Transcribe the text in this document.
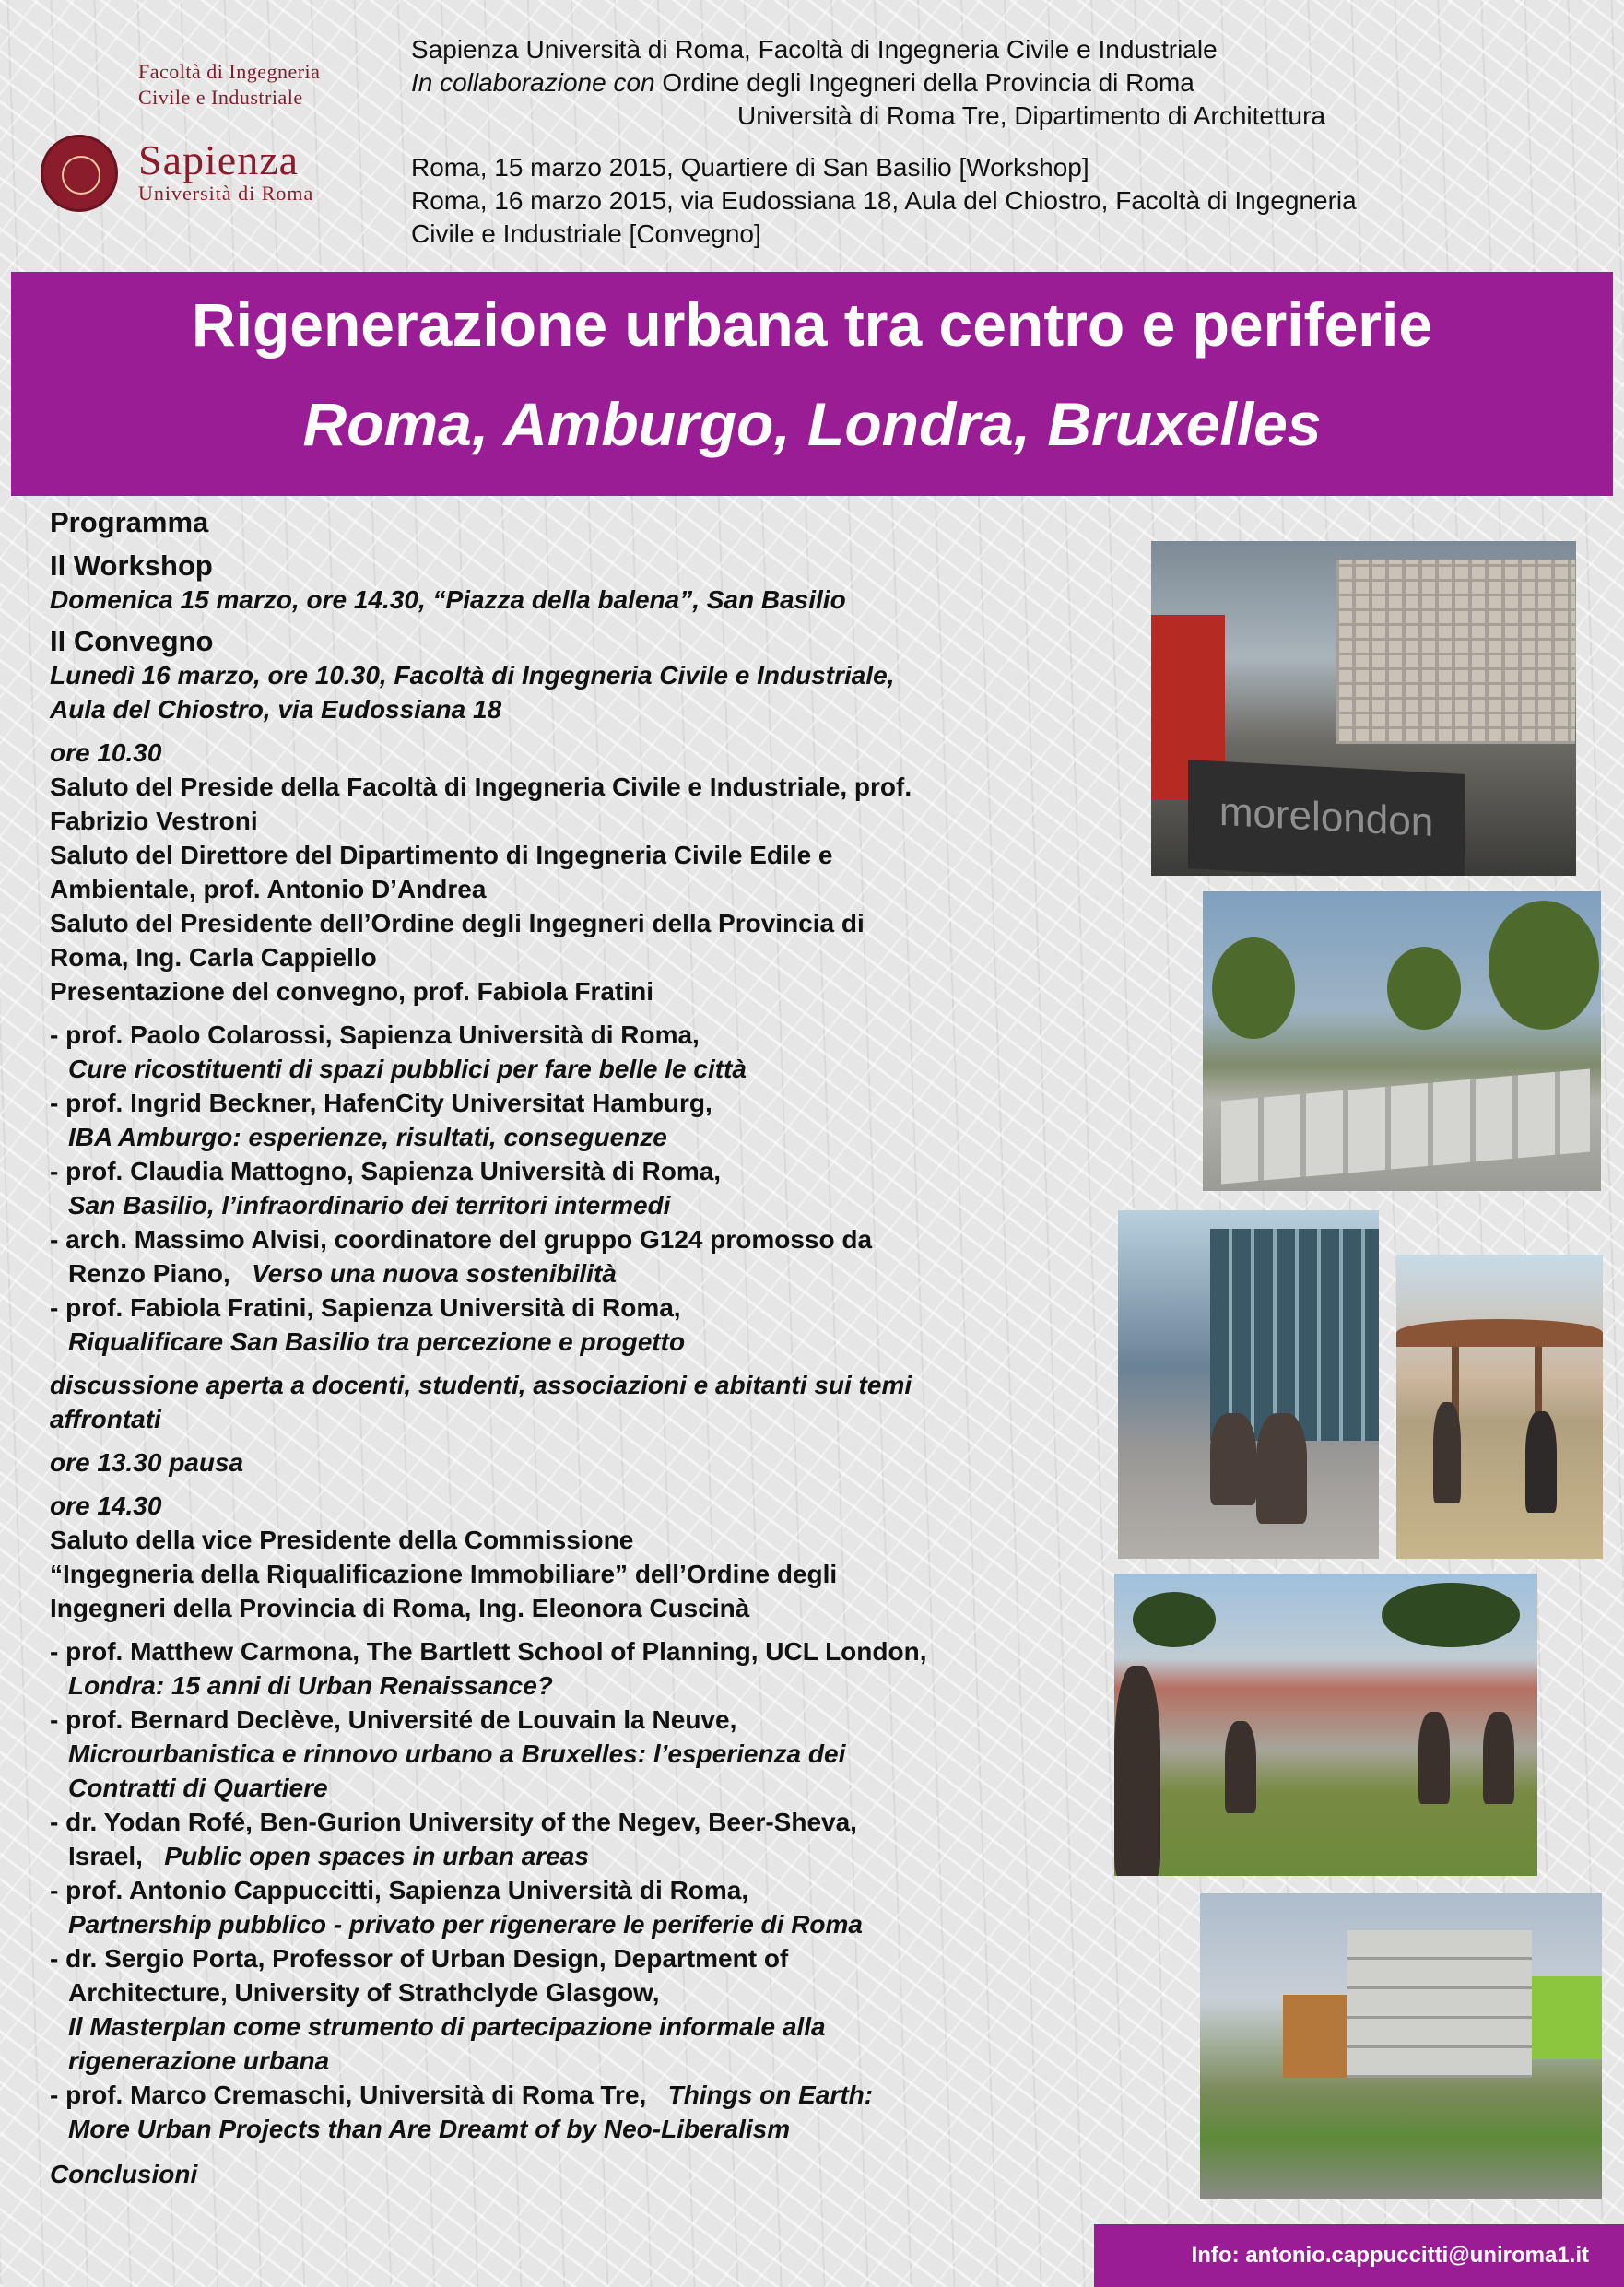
Facoltà di Ingegneria
Civile e Industriale
Sapienza
Università di Roma
Sapienza Università di Roma, Facoltà di Ingegneria Civile e Industriale
In collaborazione con Ordine degli Ingegneri della Provincia di Roma
Università di Roma Tre, Dipartimento di Architettura
Roma, 15 marzo 2015, Quartiere di San Basilio [Workshop]
Roma, 16 marzo 2015, via Eudossiana 18, Aula del Chiostro, Facoltà di Ingegneria
Civile e Industriale [Convegno]
Rigenerazione urbana tra centro e periferie
Roma, Amburgo, Londra, Bruxelles
Programma
Il Workshop
Domenica 15 marzo, ore 14.30, “Piazza della balena”, San Basilio
Il Convegno
Lunedì 16 marzo, ore 10.30, Facoltà di Ingegneria Civile e Industriale,
Aula del Chiostro, via Eudossiana 18
ore 10.30
Saluto del Preside della Facoltà di Ingegneria Civile e Industriale, prof.
Fabrizio Vestroni
Saluto del Direttore del Dipartimento di Ingegneria Civile Edile e
Ambientale, prof. Antonio D’Andrea
Saluto del Presidente dell’Ordine degli Ingegneri della Provincia di
Roma, Ing. Carla Cappiello
Presentazione del convegno, prof. Fabiola Fratini
- prof. Paolo Colarossi, Sapienza Università di Roma,
Cure ricostituenti di spazi pubblici per fare belle le città
- prof. Ingrid Beckner, HafenCity Universitat Hamburg,
IBA Amburgo: esperienze, risultati, conseguenze
- prof. Claudia Mattogno, Sapienza Università di Roma,
San Basilio, l’infraordinario dei territori intermedi
- arch. Massimo Alvisi, coordinatore del gruppo G124 promosso da
Renzo Piano, Verso una nuova sostenibilità
- prof. Fabiola Fratini, Sapienza Università di Roma,
Riqualificare San Basilio tra percezione e progetto
discussione aperta a docenti, studenti, associazioni e abitanti sui temi
affrontati
ore 13.30 pausa
ore 14.30
Saluto della vice Presidente della Commissione
“Ingegneria della Riqualificazione Immobiliare” dell’Ordine degli
Ingegneri della Provincia di Roma, Ing. Eleonora Cuscinà
- prof. Matthew Carmona, The Bartlett School of Planning, UCL London,
Londra: 15 anni di Urban Renaissance?
- prof. Bernard Declève, Université de Louvain la Neuve,
Microurbanistica e rinnovo urbano a Bruxelles: l’esperienza dei
Contratti di Quartiere
- dr. Yodan Rofé, Ben-Gurion University of the Negev, Beer-Sheva,
Israel, Public open spaces in urban areas
- prof. Antonio Cappuccitti, Sapienza Università di Roma,
Partnership pubblico - privato per rigenerare le periferie di Roma
- dr. Sergio Porta, Professor of Urban Design, Department of
Architecture, University of Strathclyde Glasgow,
Il Masterplan come strumento di partecipazione informale alla
rigenerazione urbana
- prof. Marco Cremaschi, Università di Roma Tre, Things on Earth:
More Urban Projects than Are Dreamt of by Neo-Liberalism
Conclusioni
morelondon
Info: antonio.cappuccitti@uniroma1.it
